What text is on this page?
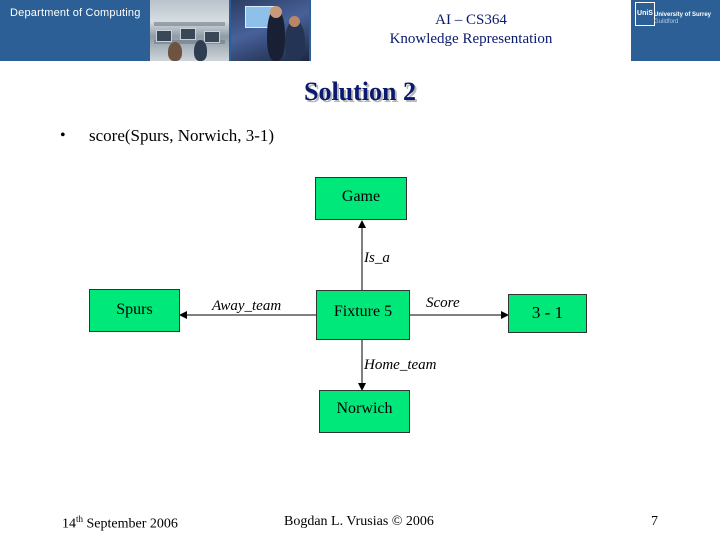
Department of Computing	AI – CS364
Knowledge Representation
UniS University of Surrey
Guildford
Solution 2
• score(Spurs, Norwich, 3-1)
Game
Spurs	Fixture 5	3 - 1
Norwich
Is_a
Away_team	Score
Home_team
14th September 2006	Bogdan L. Vrusias © 2006	7
